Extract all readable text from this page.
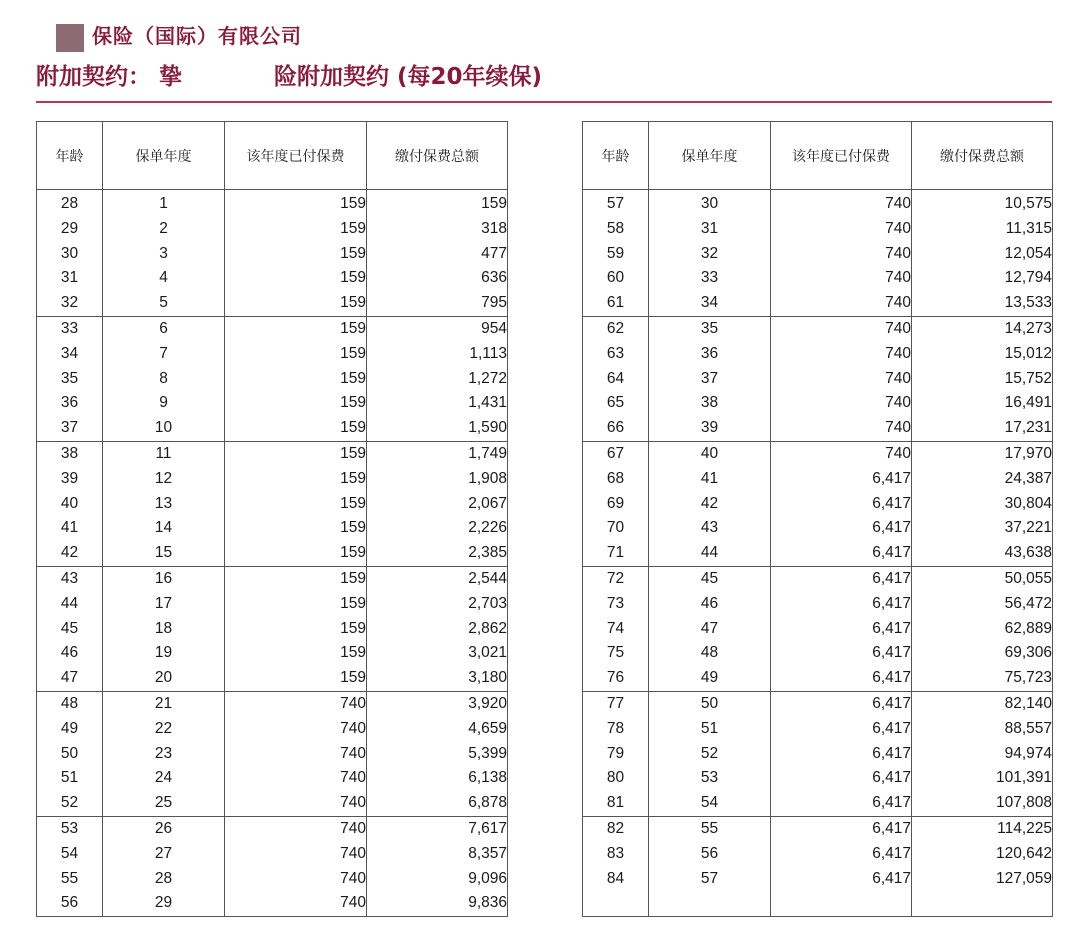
保险（国际）有限公司
附加契约： 挚	险附加契约 (每20年续保)
年龄	保单年度	该年度已付保费	缴付保费总额
28	1	159	159
29	2	159	318
30	3	159	477
31	4	159	636
32	5	159	795
33	6	159	954
34	7	159	1,113
35	8	159	1,272
36	9	159	1,431
37	10	159	1,590
38	11	159	1,749
39	12	159	1,908
40	13	159	2,067
41	14	159	2,226
42	15	159	2,385
43	16	159	2,544
44	17	159	2,703
45	18	159	2,862
46	19	159	3,021
47	20	159	3,180
48	21	740	3,920
49	22	740	4,659
50	23	740	5,399
51	24	740	6,138
52	25	740	6,878
53	26	740	7,617
54	27	740	8,357
55	28	740	9,096
56	29	740	9,836
年龄	保单年度	该年度已付保费	缴付保费总额
57	30	740	10,575
58	31	740	11,315
59	32	740	12,054
60	33	740	12,794
61	34	740	13,533
62	35	740	14,273
63	36	740	15,012
64	37	740	15,752
65	38	740	16,491
66	39	740	17,231
67	40	740	17,970
68	41	6,417	24,387
69	42	6,417	30,804
70	43	6,417	37,221
71	44	6,417	43,638
72	45	6,417	50,055
73	46	6,417	56,472
74	47	6,417	62,889
75	48	6,417	69,306
76	49	6,417	75,723
77	50	6,417	82,140
78	51	6,417	88,557
79	52	6,417	94,974
80	53	6,417	101,391
81	54	6,417	107,808
82	55	6,417	114,225
83	56	6,417	120,642
84	57	6,417	127,059
